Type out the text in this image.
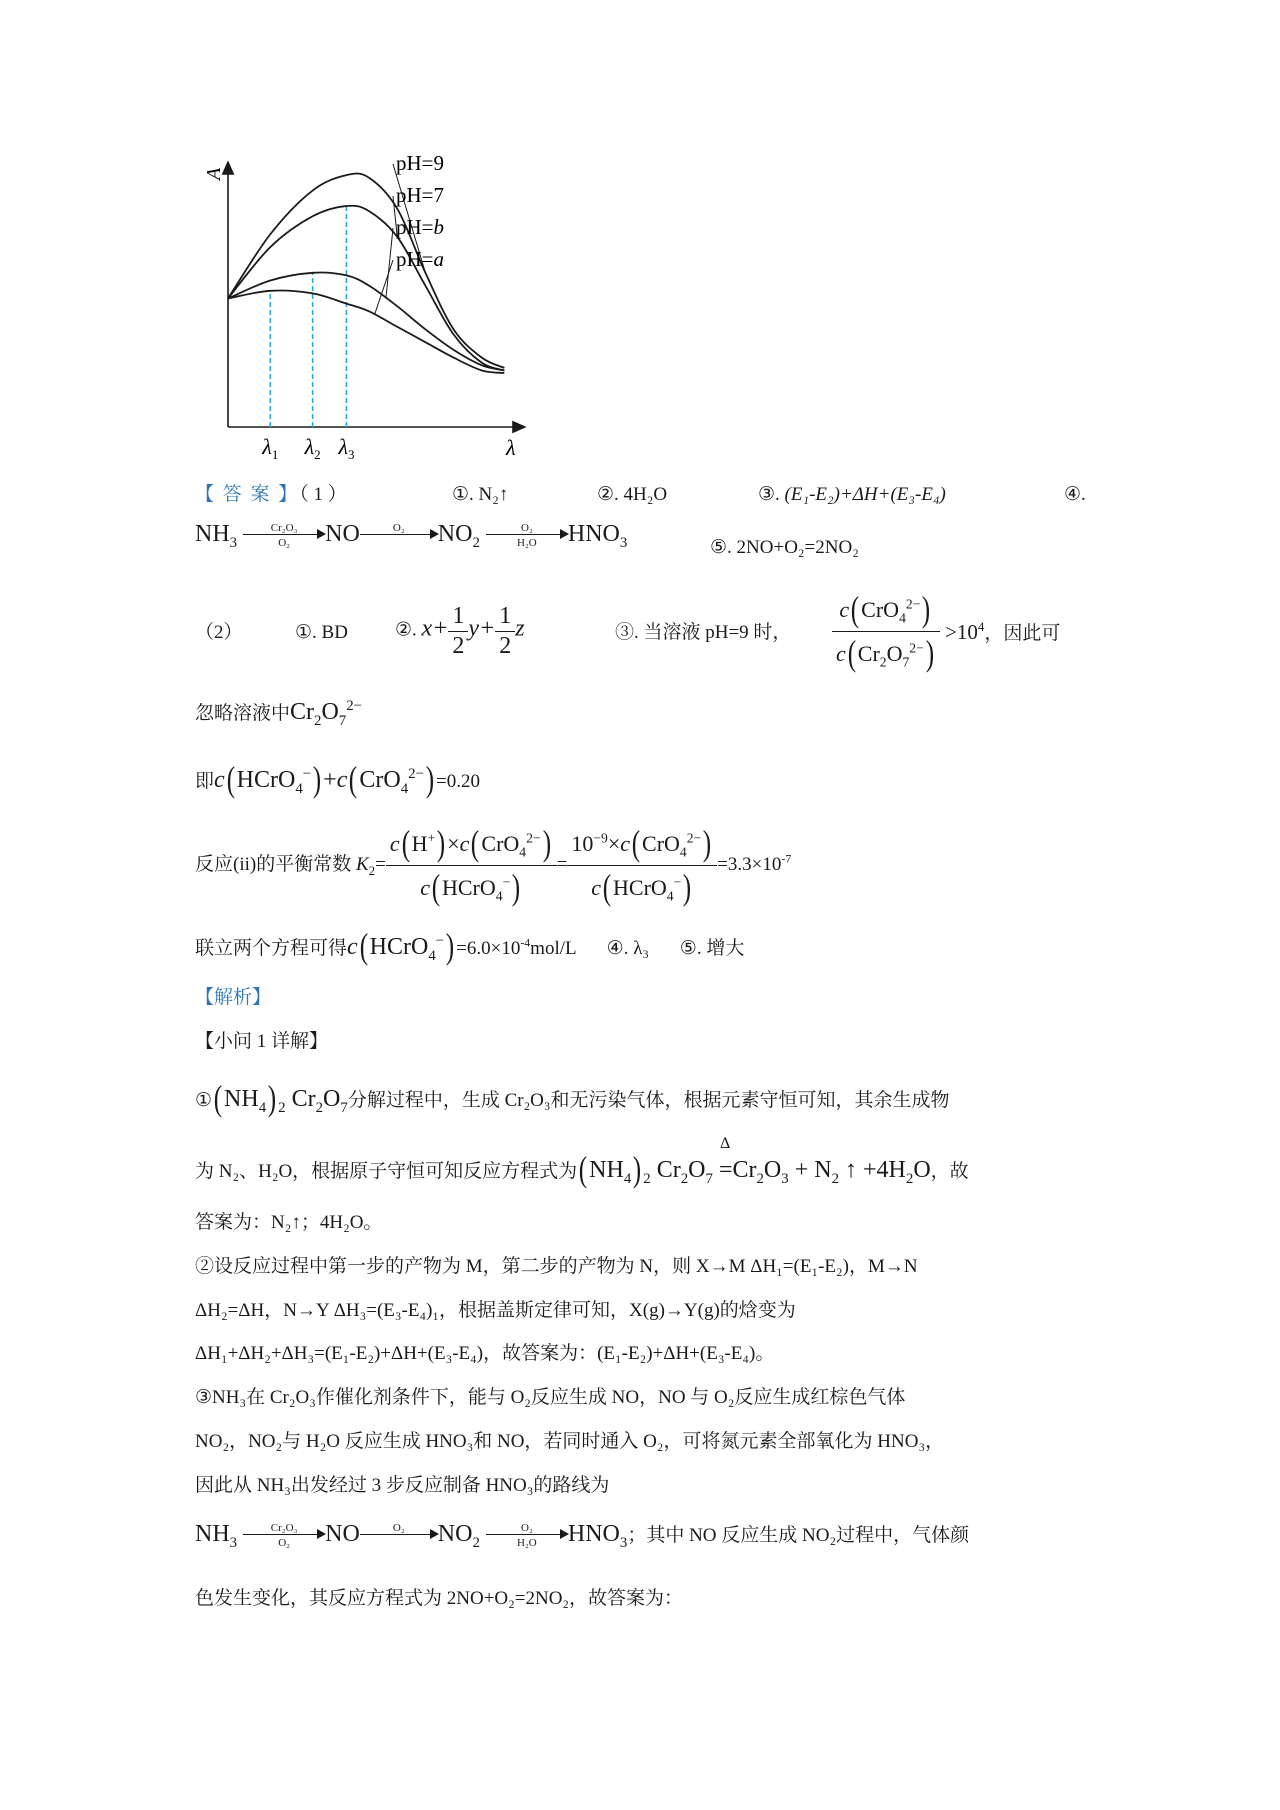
A
λ
pH=9
pH=7
pH=b
pH=a
$\lambda_1$ $\lambda_2$ $\lambda_3$
【 答 案 】（ 1 ）	①. N₂↑	②. 4H₂O	③. (E₁-E₂)+ΔH+(E₃-E₄)	④.
$NH_3 \frac{\text{Cr₂O₃}}{\text{O₂}}$ NO	O₂
	$NO_2 \frac{\text{O₂}}{\text{H₂O}} HNO_3$	⑤. 2NO+O₂=2NO₂
（2）	①. BD ②. $x+ \frac{1}{2} y+ \frac{1}{2}$ z	③. 当溶液 pH=9 时， $\frac{c(CrO_4^{2-})}{c(Cr_2O_7^{2-})} >10^4$，因此可
忽略溶液中$Cr_2O_7^{2-}$
即c(HCrO$_4$−)+c(CrO$_4^{2-}$)=0.20
反应(ii)的平衡常数 $K_2= \frac{c(H^+)\times c(CrO_4^{2-})}{c(HCrO_4^-)} = \frac{10^{-9}\times c(CrO_4^{2-})}{c(HCrO_4^-)} =3.3\times 10^{-7}$
联立两个方程可得$c(HCrO_4^-)=6.0\times 10^{-4}mol/L$ ④. λ₃ ⑤. 增大
【解析】
【小问 1 详解】
$①(NH_4)$ $_2$ $Cr_2O_7$分解过程中，生成 Cr₂O₃和无污染气体，根据元素守恒可知，其余生成物
为 N₂、H₂O，根据原子守恒可知反应方程式为$(NH_4)$ $_2$ $Cr_2O_7$
Δ
$=Cr_2O_3 + N_2$ ↑ $+4H_2O$，故
答案为：N₂↑；4H₂O。
②设反应过程中第一步的产物为 M，第二步的产物为 N，则 X→M ΔH₁=(E₁-E₂)，M→N
ΔH₂=ΔH，N→Y ΔH₃=(E₃-E₄)₁，根据盖斯定律可知，X(g)→Y(g)的焓变为
ΔH₁+ΔH₂+ΔH₃=(E₁-E₂)+ΔH+(E₃-E₄)，故答案为：(E₁-E₂)+ΔH+(E₃-E₄)。
③NH₃在 Cr₂O₃作催化剂条件下，能与 O₂反应生成 NO，NO 与 O₂反应生成红棕色气体
NO₂，NO₂与 H₂O 反应生成 HNO₃和 NO，若同时通入 O₂，可将氮元素全部氧化为 HNO₃，
因此从 NH₃出发经过 3 步反应制备 HNO₃的路线为
$NH_3 \frac{\text{Cr₂O₃}}{\text{O₂}}$ NO	O₂
	$NO_2 \frac{\text{O₂}}{\text{H₂O}} HNO_3$；其中 NO 反应生成 NO₂过程中，气体颜
色发生变化，其反应方程式为 2NO+O₂=2NO₂，故答案为：
